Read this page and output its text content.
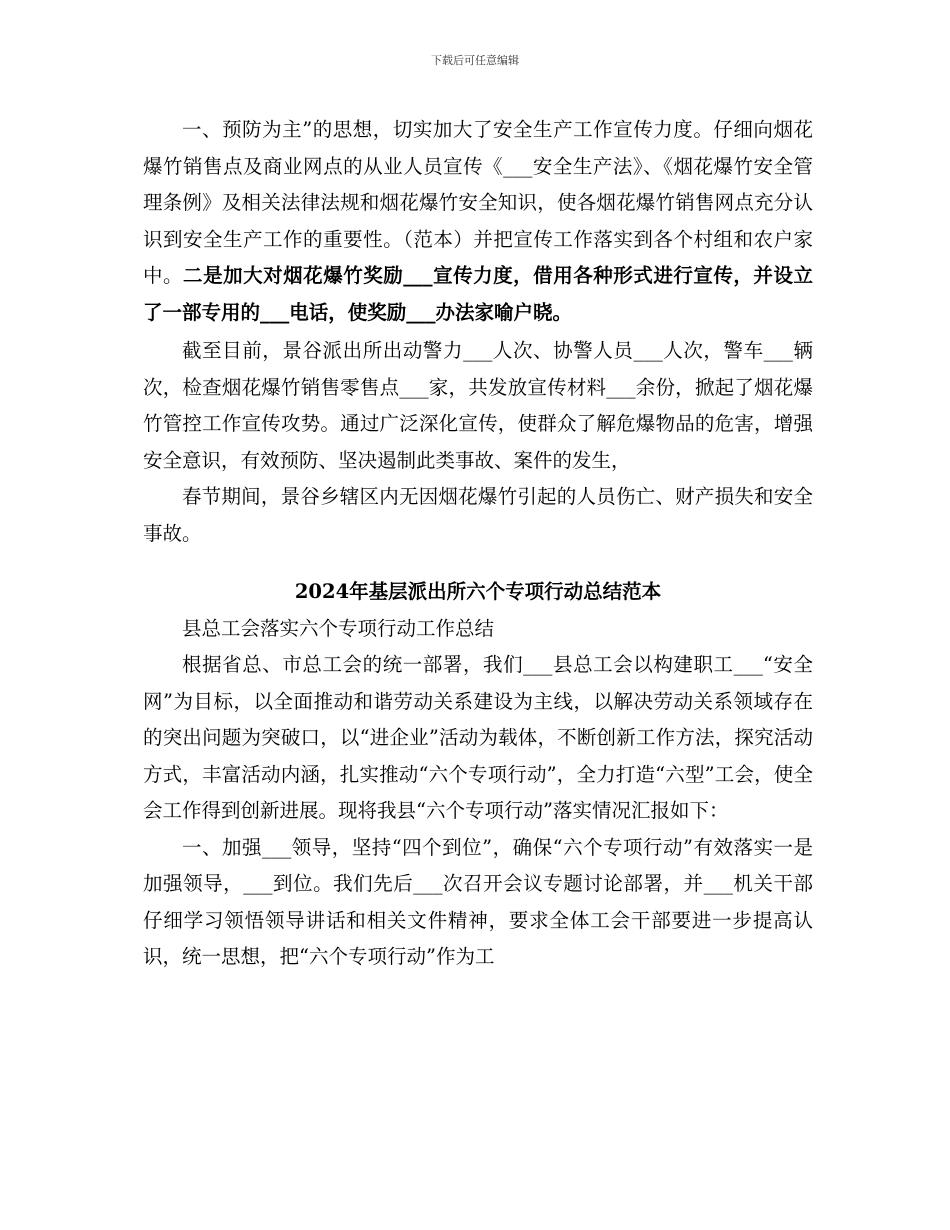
下载后可任意编辑

一、预防为主”的思想，切实加大了安全生产工作宣传力度。仔细向烟花爆竹销售点及商业网点的从业人员宣传《___安全生产法》、《烟花爆竹安全管理条例》及相关法律法规和烟花爆竹安全知识，使各烟花爆竹销售网点充分认识到安全生产工作的重要性。（范本）并把宣传工作落实到各个村组和农户家中。二是加大对烟花爆竹奖励___宣传力度，借用各种形式进行宣传，并设立了一部专用的___电话，使奖励___办法家喻户晓。

截至目前，景谷派出所出动警力___人次、协警人员___人次，警车___辆次，检查烟花爆竹销售零售点___家，共发放宣传材料___余份，掀起了烟花爆竹管控工作宣传攻势。通过广泛深化宣传，使群众了解危爆物品的危害，增强安全意识，有效预防、坚决遏制此类事故、案件的发生，

春节期间，景谷乡辖区内无因烟花爆竹引起的人员伤亡、财产损失和安全事故。

2024年基层派出所六个专项行动总结范本

县总工会落实六个专项行动工作总结

根据省总、市总工会的统一部署，我们___县总工会以构建职工___“安全网”为目标，以全面推动和谐劳动关系建设为主线，以解决劳动关系领域存在的突出问题为突破口，以“进企业”活动为载体，不断创新工作方法，探究活动方式，丰富活动内涵，扎实推动“六个专项行动”，全力打造“六型”工会，使全会工作得到创新进展。现将我县“六个专项行动”落实情况汇报如下：

一、加强___领导，坚持“四个到位”，确保“六个专项行动”有效落实一是加强领导，___到位。我们先后___次召开会议专题讨论部署，并___机关干部仔细学习领悟领导讲话和相关文件精神，要求全体工会干部要进一步提高认识，统一思想，把“六个专项行动”作为工
